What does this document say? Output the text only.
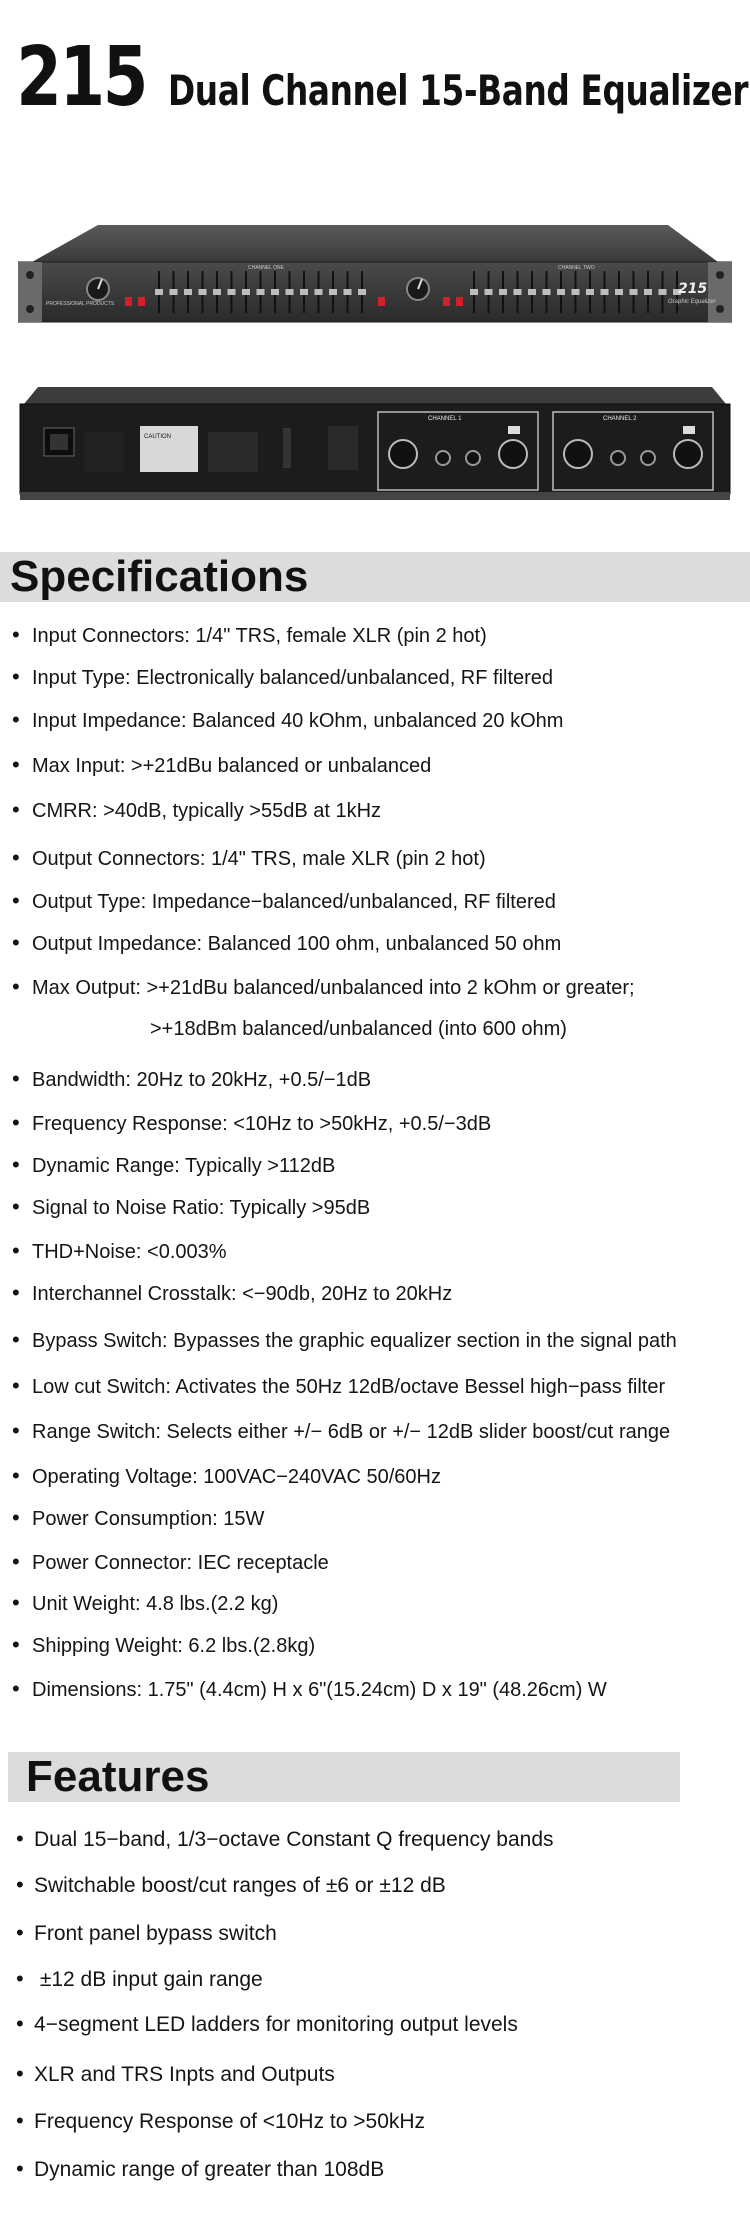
215 Dual Channel 15-Band Equalizer
PROFESSIONAL PRODUCTS
CHANNEL ONE	CHANNEL TWO
215
Graphic Equalizer
CAUTION
CHANNEL 1	CHANNEL 2
Specifications
• Input Connectors: 1/4" TRS, female XLR (pin 2 hot)
• Input Type: Electronically balanced/unbalanced, RF filtered
• Input Impedance: Balanced 40 kOhm, unbalanced 20 kOhm
• Max Input: >+21dBu balanced or unbalanced
• CMRR: >40dB, typically >55dB at 1kHz
• Output Connectors: 1/4" TRS, male XLR (pin 2 hot)
• Output Type: Impedance−balanced/unbalanced, RF filtered
• Output Impedance: Balanced 100 ohm, unbalanced 50 ohm
• Max Output: >+21dBu balanced/unbalanced into 2 kOhm or greater;
• Bandwidth: 20Hz to 20kHz, +0.5/−1dB
• Frequency Response: <10Hz to >50kHz, +0.5/−3dB
• Dynamic Range: Typically >112dB
• Signal to Noise Ratio: Typically >95dB
• THD+Noise: <0.003%
• Interchannel Crosstalk: <−90db, 20Hz to 20kHz
• Bypass Switch: Bypasses the graphic equalizer section in the signal path
• Low cut Switch: Activates the 50Hz 12dB/octave Bessel high−pass filter
• Range Switch: Selects either +/− 6dB or +/− 12dB slider boost/cut range
• Operating Voltage: 100VAC−240VAC 50/60Hz
• Power Consumption: 15W
• Power Connector: IEC receptacle
• Unit Weight: 4.8 lbs.(2.2 kg)
• Shipping Weight: 6.2 lbs.(2.8kg)
• Dimensions: 1.75" (4.4cm) H x 6"(15.24cm) D x 19" (48.26cm) W
>+18dBm balanced/unbalanced (into 600 ohm)
Features
• Dual 15−band, 1/3−octave Constant Q frequency bands
• Switchable boost/cut ranges of ±6 or ±12 dB
• Front panel bypass switch
• ±12 dB input gain range
• 4−segment LED ladders for monitoring output levels
• XLR and TRS Inpts and Outputs
• Frequency Response of <10Hz to >50kHz
• Dynamic range of greater than 108dB
